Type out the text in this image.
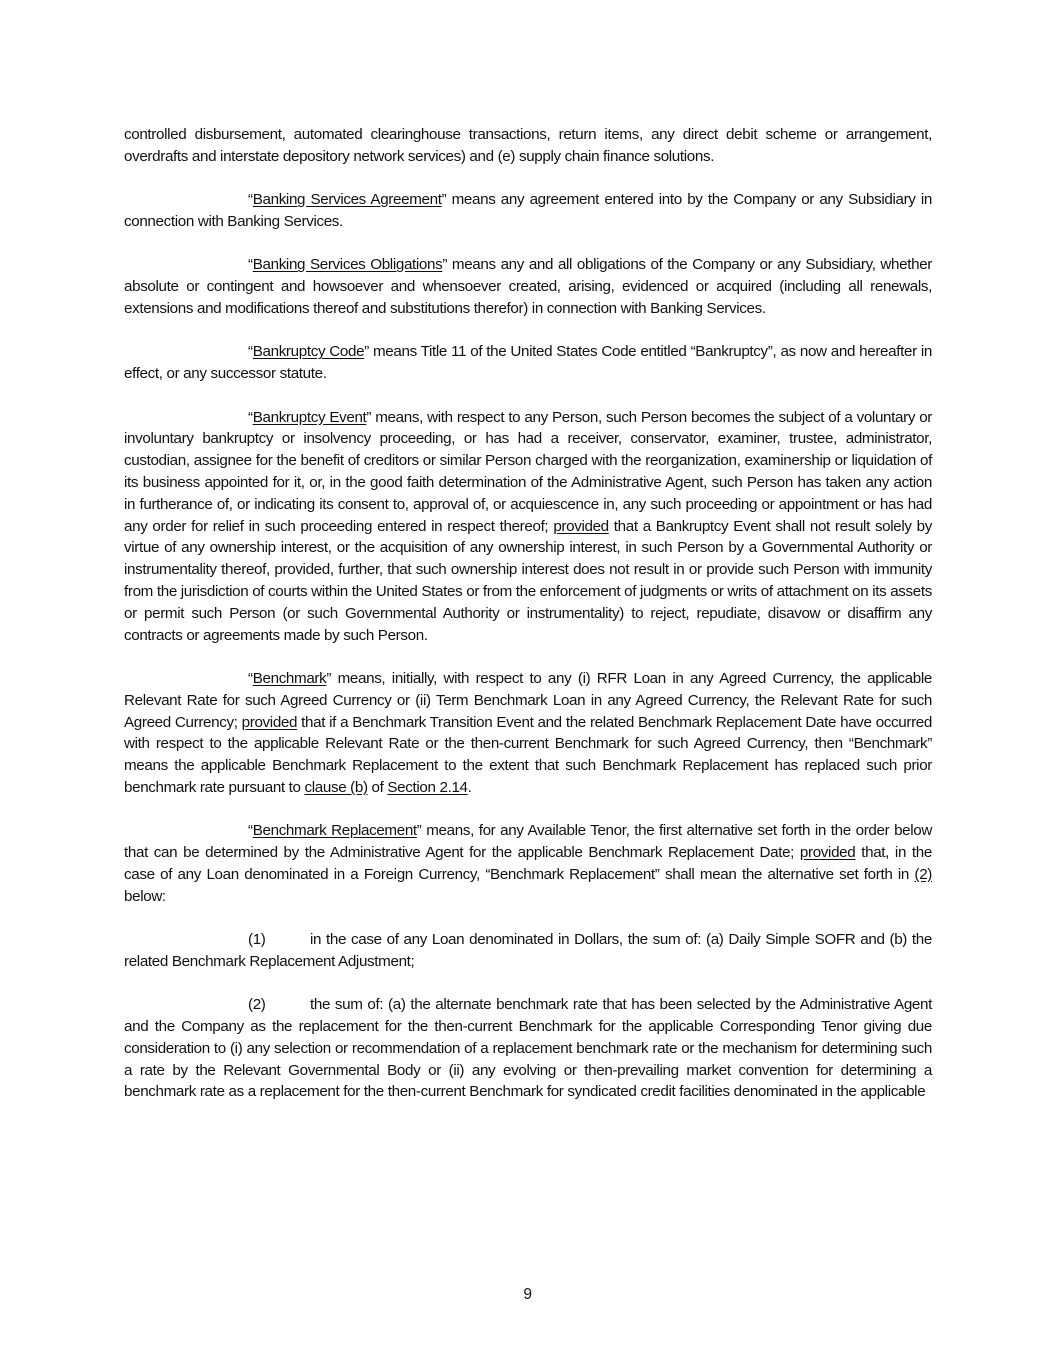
controlled disbursement, automated clearinghouse transactions, return items, any direct debit scheme or arrangement, overdrafts and interstate depository network services) and (e) supply chain finance solutions.

“Banking Services Agreement” means any agreement entered into by the Company or any Subsidiary in connection with Banking Services.

“Banking Services Obligations” means any and all obligations of the Company or any Subsidiary, whether absolute or contingent and howsoever and whensoever created, arising, evidenced or acquired (including all renewals, extensions and modifications thereof and substitutions therefor) in connection with Banking Services.

“Bankruptcy Code” means Title 11 of the United States Code entitled “Bankruptcy”, as now and hereafter in effect, or any successor statute.

“Bankruptcy Event” means, with respect to any Person, such Person becomes the subject of a voluntary or involuntary bankruptcy or insolvency proceeding, or has had a receiver, conservator, examiner, trustee, administrator, custodian, assignee for the benefit of creditors or similar Person charged with the reorganization, examinership or liquidation of its business appointed for it, or, in the good faith determination of the Administrative Agent, such Person has taken any action in furtherance of, or indicating its consent to, approval of, or acquiescence in, any such proceeding or appointment or has had any order for relief in such proceeding entered in respect thereof; provided that a Bankruptcy Event shall not result solely by virtue of any ownership interest, or the acquisition of any ownership interest, in such Person by a Governmental Authority or instrumentality thereof, provided, further, that such ownership interest does not result in or provide such Person with immunity from the jurisdiction of courts within the United States or from the enforcement of judgments or writs of attachment on its assets or permit such Person (or such Governmental Authority or instrumentality) to reject, repudiate, disavow or disaffirm any contracts or agreements made by such Person.

“Benchmark” means, initially, with respect to any (i) RFR Loan in any Agreed Currency, the applicable Relevant Rate for such Agreed Currency or (ii) Term Benchmark Loan in any Agreed Currency, the Relevant Rate for such Agreed Currency; provided that if a Benchmark Transition Event and the related Benchmark Replacement Date have occurred with respect to the applicable Relevant Rate or the then-current Benchmark for such Agreed Currency, then “Benchmark” means the applicable Benchmark Replacement to the extent that such Benchmark Replacement has replaced such prior benchmark rate pursuant to clause (b) of Section 2.14.

“Benchmark Replacement” means, for any Available Tenor, the first alternative set forth in the order below that can be determined by the Administrative Agent for the applicable Benchmark Replacement Date; provided that, in the case of any Loan denominated in a Foreign Currency, “Benchmark Replacement” shall mean the alternative set forth in (2) below:

(1)	in the case of any Loan denominated in Dollars, the sum of: (a) Daily Simple SOFR and (b) the related Benchmark Replacement Adjustment;

(2)	the sum of: (a) the alternate benchmark rate that has been selected by the Administrative Agent and the Company as the replacement for the then-current Benchmark for the applicable Corresponding Tenor giving due consideration to (i) any selection or recommendation of a replacement benchmark rate or the mechanism for determining such a rate by the Relevant Governmental Body or (ii) any evolving or then-prevailing market convention for determining a benchmark rate as a replacement for the then-current Benchmark for syndicated credit facilities denominated in the applicable

9
